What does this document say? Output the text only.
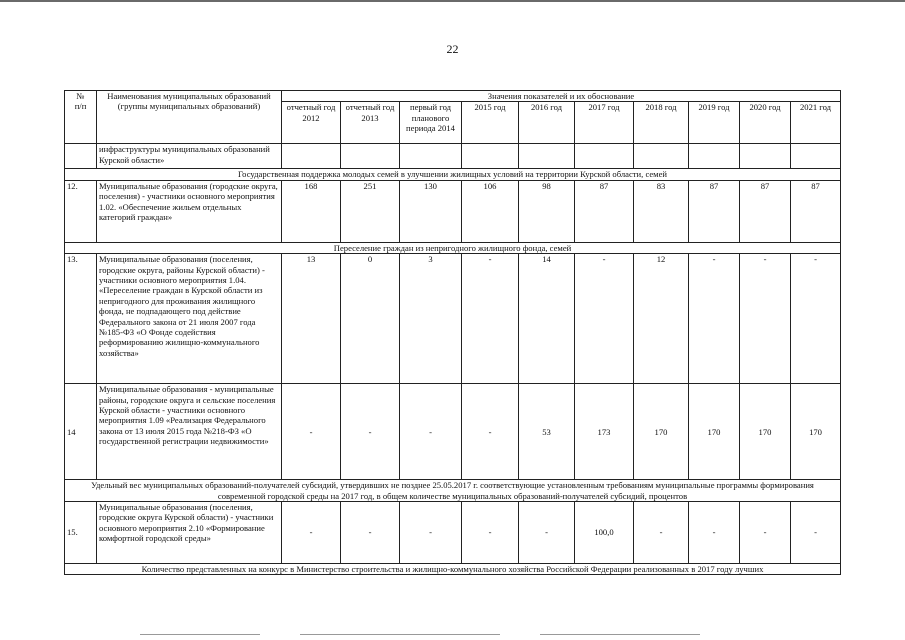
22
№
п/п	Наименования муниципальных образований (группы муниципальных образований)	Значения показателей и их обоснование									
		отчетный год 2012	отчетный год 2013	первый год планового периода 2014	2015 год	2016 год	2017 год	2018 год	2019 год	2020 год	2021 год
	инфраструктуры муниципальных образований Курской области»										
Государственная поддержка молодых семей в улучшении жилищных условий на территории Курской области, семей											
12.	Муниципальные образования (городские округа, поселения) - участники основного мероприятия 1.02. «Обеспечение жильем отдельных категорий граждан»	168	251	130	106	98	87	83	87	87	87
Переселение граждан из непригодного жилищного фонда, семей											
13.	Муниципальные образования (поселения, городские округа, районы Курской области) - участники основного мероприятия 1.04. «Переселение граждан в Курской области из непригодного для проживания жилищного фонда, не подпадающего под действие Федерального закона от 21 июля 2007 года №185-ФЗ «О Фонде содействия реформированию жилищно-коммунального хозяйства»	13	0	3	-	14	-	12	-	-	-
14	Муниципальные образования - муниципальные районы, городские округа и сельские поселения Курской области - участники основного мероприятия 1.09 «Реализация Федерального закона от 13 июля 2015 года №218-ФЗ «О государственной регистрации недвижимости»	-	-	-	-	53	173	170	170	170	170
Удельный вес муниципальных образований-получателей субсидий, утвердивших не позднее 25.05.2017 г. соответствующие установленным требованиям муниципальные программы формирования современной городской среды на 2017 год, в общем количестве муниципальных образований-получателей субсидий, процентов											
15.	Муниципальные образования (поселения, городские округа Курской области) - участники основного мероприятия 2.10 «Формирование комфортной городской среды»	-	-	-	-	-	100,0	-	-	-	-
Количество представленных на конкурс в Министерство строительства и жилищно-коммунального хозяйства Российской Федерации реализованных в 2017 году лучших											
